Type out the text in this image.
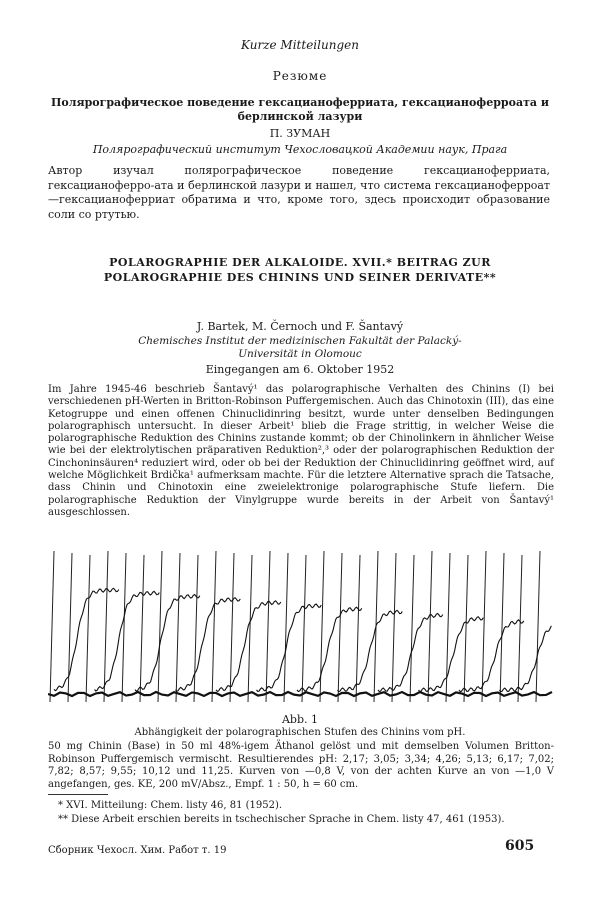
Kurze Mitteilungen
Резюме
Полярографическое поведение гексацианоферриата, гексацианоферроата и берлинской лазури
П. ЗУМАН
Полярографический институт Чехословацкой Академии наук, Прага
Автор изучал полярографическое поведение гексацианоферриата, гексацианоферро-ата и берлинской лазури и нашел, что система гексацианоферроат—гексацианоферриат обратима и что, кроме того, здесь происходит образование соли со ртутью.
POLAROGRAPHIE DER ALKALOIDE. XVII.* BEITRAG ZUR POLAROGRAPHIE DES CHININS UND SEINER DERIVATE**
J. Bartek, M. Černoch und F. Šantavý
Chemisches Institut der medizinischen Fakultät der Palacký-Universität in Olomouc
Eingegangen am 6. Oktober 1952
Im Jahre 1945-46 beschrieb Šantavý¹ das polarographische Verhalten des Chinins (I) bei verschiedenen pH-Werten in Britton-Robinson Puffergemischen. Auch das Chinotoxin (III), das eine Ketogruppe und einen offenen Chinuclidinring besitzt, wurde unter denselben Bedingungen polarographisch untersucht. In dieser Arbeit¹ blieb die Frage strittig, in welcher Weise die polarographische Reduktion des Chinins zustande kommt; ob der Chinolinkern in ähnlicher Weise wie bei der elektrolytischen präparativen Reduktion²,³ oder der polarographischen Reduktion der Cinchoninsäuren⁴ reduziert wird, oder ob bei der Reduktion der Chinuclidinring geöffnet wird, auf welche Möglichkeit Brdička¹ aufmerksam machte. Für die letztere Alternative sprach die Tatsache, dass Chinin und Chinotoxin eine zweielektronige polarographische Stufe liefern. Die polarographische Reduktion der Vinylgruppe wurde bereits in der Arbeit von Šantavý¹ ausgeschlossen.
Abb. 1
Abhängigkeit der polarographischen Stufen des Chinins vom pH.
50 mg Chinin (Base) in 50 ml 48%-igem Äthanol gelöst und mit demselben Volumen Britton-Robinson Puffergemisch vermischt. Resultierendes pH: 2,17; 3,05; 3,34; 4,26; 5,13; 6,17; 7,02; 7,82; 8,57; 9,55; 10,12 und 11,25. Kurven von —0,8 V, von der achten Kurve an von —1,0 V angefangen, ges. KE, 200 mV/Absz., Empf. 1 : 50, h = 60 cm.
* XVI. Mitteilung: Chem. listy 46, 81 (1952).
** Diese Arbeit erschien bereits in tschechischer Sprache in Chem. listy 47, 461 (1953).
Сборник Чехосл. Хим. Работ т. 19	605
